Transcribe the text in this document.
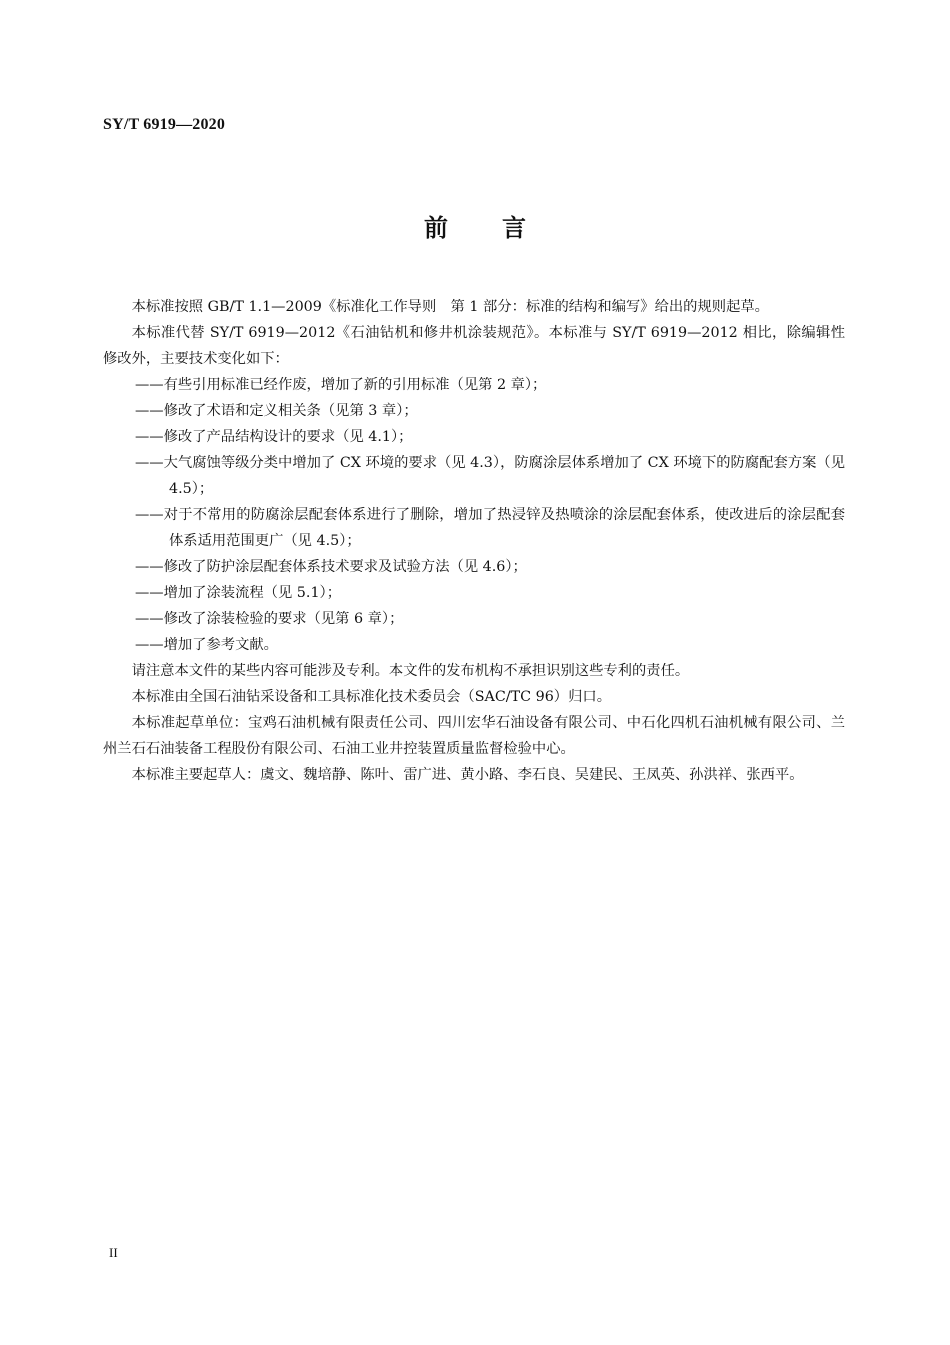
SY/T 6919—2020
前言

本标准按照 GB/T 1.1—2009《标准化工作导则　第 1 部分：标准的结构和编写》给出的规则起草。

本标准代替 SY/T 6919—2012《石油钻机和修井机涂装规范》。本标准与 SY/T 6919—2012 相比，除编辑性修改外，主要技术变化如下：

——有些引用标准已经作废，增加了新的引用标准（见第 2 章）；

——修改了术语和定义相关条（见第 3 章）；

——修改了产品结构设计的要求（见 4.1）；

——大气腐蚀等级分类中增加了 CX 环境的要求（见 4.3），防腐涂层体系增加了 CX 环境下的防腐配套方案（见 4.5）；

——对于不常用的防腐涂层配套体系进行了删除，增加了热浸锌及热喷涂的涂层配套体系，使改进后的涂层配套体系适用范围更广（见 4.5）；

——修改了防护涂层配套体系技术要求及试验方法（见 4.6）；

——增加了涂装流程（见 5.1）；

——修改了涂装检验的要求（见第 6 章）；

——增加了参考文献。

请注意本文件的某些内容可能涉及专利。本文件的发布机构不承担识别这些专利的责任。

本标准由全国石油钻采设备和工具标准化技术委员会（SAC/TC 96）归口。

本标准起草单位：宝鸡石油机械有限责任公司、四川宏华石油设备有限公司、中石化四机石油机械有限公司、兰州兰石石油装备工程股份有限公司、石油工业井控装置质量监督检验中心。

本标准主要起草人：虞文、魏培静、陈叶、雷广进、黄小路、李石良、吴建民、王凤英、孙洪祥、张西平。

II
